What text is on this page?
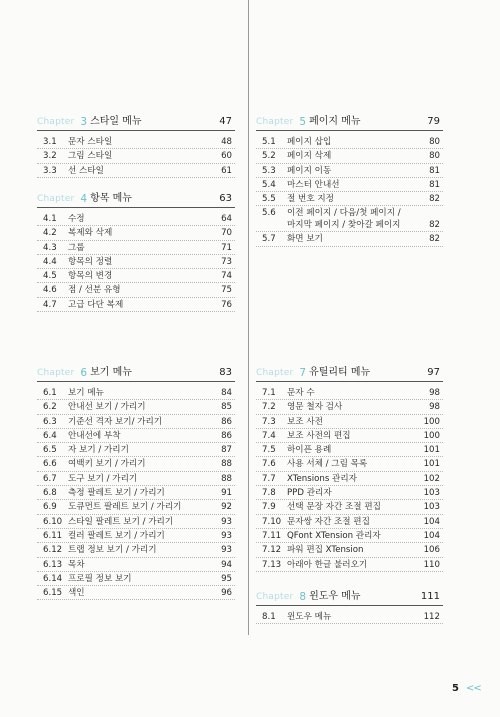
Chapter 3 스타일 메뉴	47
3.1	문자 스타일	48
3.2	그림 스타일	60
3.3	선 스타일	61
Chapter 4 항목 메뉴	63
4.1	수정	64
4.2	복제와 삭제	70
4.3	그룹	71
4.4	항목의 정렬	73
4.5	항목의 변경	74
4.6	점 / 선분 유형	75
4.7	고급 다단 복제	76
Chapter 5 페이지 메뉴	79
5.1	페이지 삽입	80
5.2	페이지 삭제	80
5.3	페이지 이동	81
5.4	마스터 안내선	81
5.5	절 번호 지정	82
5.6	이전 페이지 / 다음/첫 페이지 /
마지막 페이지 / 찾아갈 페이지	82
5.7	화면 보기	82
Chapter 6 보기 메뉴	83
6.1	보기 메뉴	84
6.2	안내선 보기 / 가리기	85
6.3	기준선 격자 보기/ 가리기	86
6.4	안내선에 부착	86
6.5	자 보기 / 가리기	87
6.6	여백키 보기 / 가리기	88
6.7	도구 보기 / 가리기	88
6.8	측정 팔레트 보기 / 가리기	91
6.9	도큐먼트 팔레트 보기 / 가리기	92
6.10 스타일 팔레트 보기 / 가리기	93
6.11 컬러 팔레트 보기 / 가리기	93
6.12 트랩 정보 보기 / 가리기	93
6.13 목차	94
6.14 프로필 정보 보기	95
6.15 색인	96
Chapter 7 유틸리티 메뉴	97
7.1	문자 수	98
7.2	영문 철자 검사	98
7.3	보조 사전	100
7.4	보조 사전의 편집	100
7.5	하이픈 용례	101
7.6	사용 서체 / 그림 목록	101
7.7	XTensions 관리자	102
7.8	PPD 관리자	103
7.9	선택 문장 자간 조절 편집	103
7.10 문자쌍 자간 조절 편집	104
7.11 QFont XTension 관리자	104
7.12 파워 편집 XTension	106
7.13 아래아 한글 불러오기	110
Chapter 8 윈도우 메뉴	111
8.1	윈도우 메뉴	112
5 <<
